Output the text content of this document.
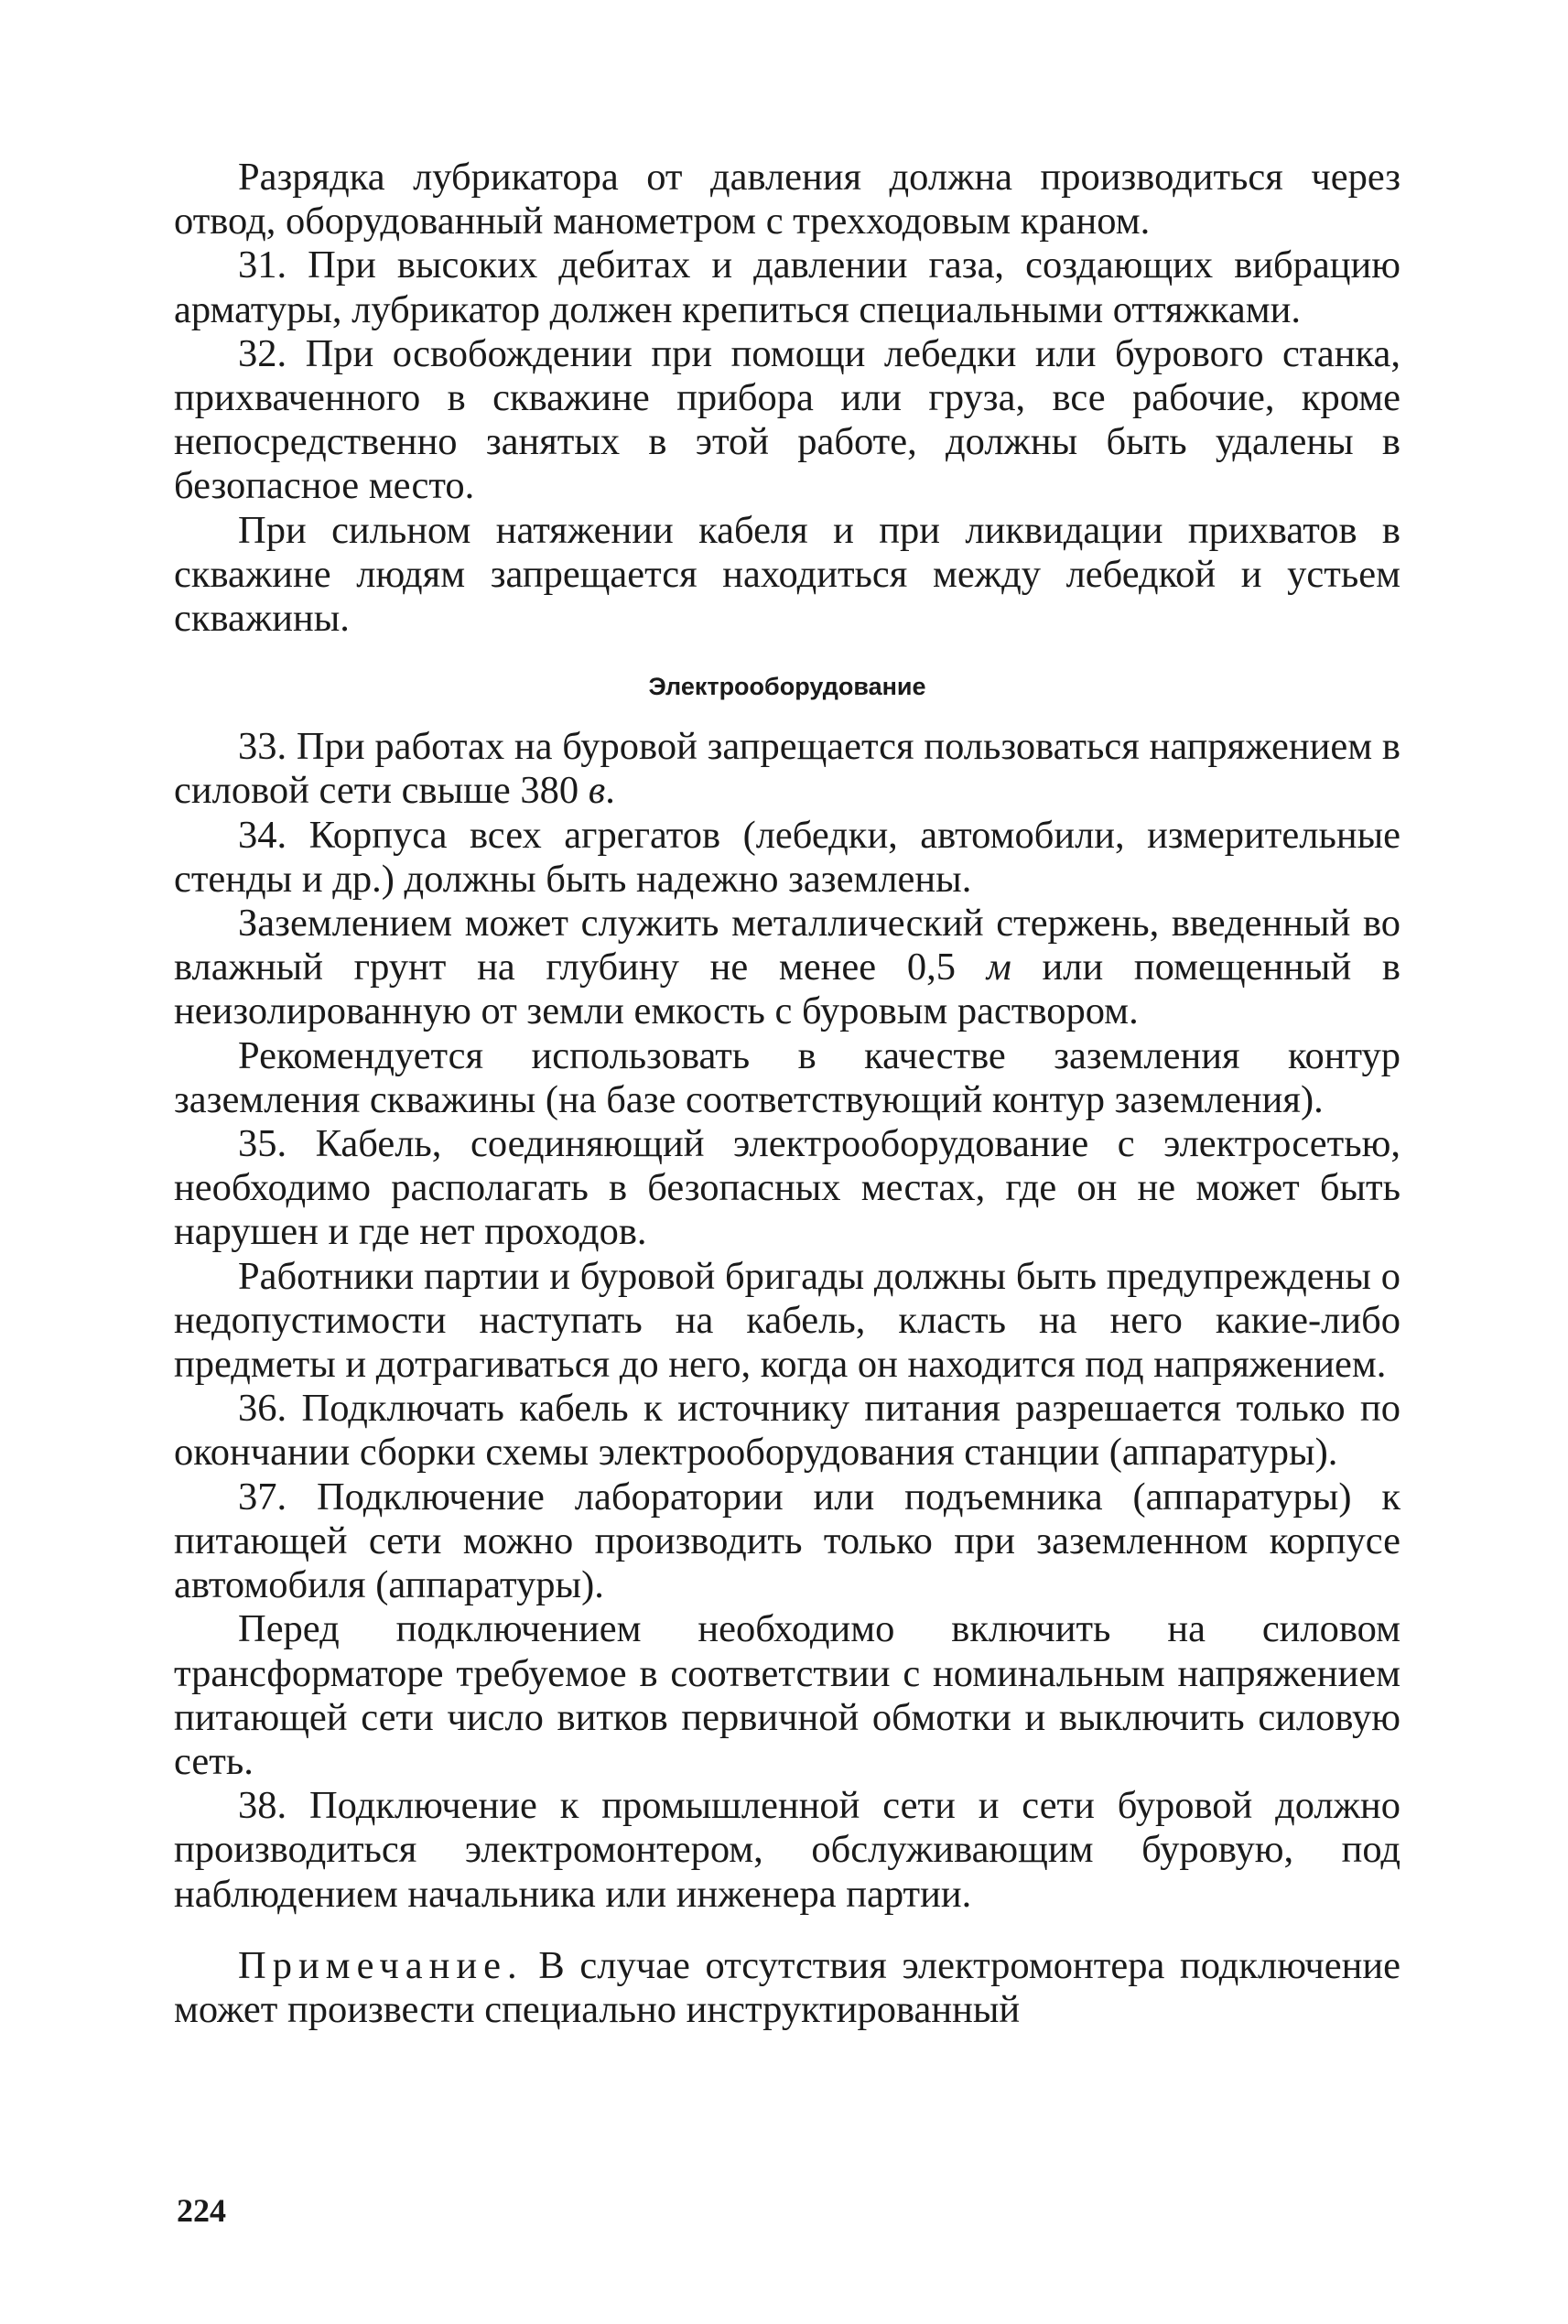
Разрядка лубрикатора от давления должна производиться через отвод, оборудованный манометром с трехходовым краном.

31. При высоких дебитах и давлении газа, создающих вибрацию арматуры, лубрикатор должен крепиться специальными оттяжками.

32. При освобождении при помощи лебедки или бурового станка, прихваченного в скважине прибора или груза, все рабочие, кроме непосредственно занятых в этой работе, должны быть удалены в безопасное место.

При сильном натяжении кабеля и при ликвидации прихватов в скважине людям запрещается находиться между лебедкой и устьем скважины.

Электрооборудование

33. При работах на буровой запрещается пользоваться напряжением в силовой сети свыше 380 в.

34. Корпуса всех агрегатов (лебедки, автомобили, измерительные стенды и др.) должны быть надежно заземлены.

Заземлением может служить металлический стержень, введенный во влажный грунт на глубину не менее 0,5 м или помещенный в неизолированную от земли емкость с буровым раствором.

Рекомендуется использовать в качестве заземления контур заземления скважины (на базе соответствующий контур заземления).

35. Кабель, соединяющий электрооборудование с электросетью, необходимо располагать в безопасных местах, где он не может быть нарушен и где нет проходов.

Работники партии и буровой бригады должны быть предупреждены о недопустимости наступать на кабель, класть на него какие-либо предметы и дотрагиваться до него, когда он находится под напряжением.

36. Подключать кабель к источнику питания разрешается только по окончании сборки схемы электрооборудования станции (аппаратуры).

37. Подключение лаборатории или подъемника (аппаратуры) к питающей сети можно производить только при заземленном корпусе автомобиля (аппаратуры).

Перед подключением необходимо включить на силовом трансформаторе требуемое в соответствии с номинальным напряжением питающей сети число витков первичной обмотки и выключить силовую сеть.

38. Подключение к промышленной сети и сети буровой должно производиться электромонтером, обслуживающим буровую, под наблюдением начальника или инженера партии.

Примечание. В случае отсутствия электромонтера подключение может произвести специально инструктированный

224
